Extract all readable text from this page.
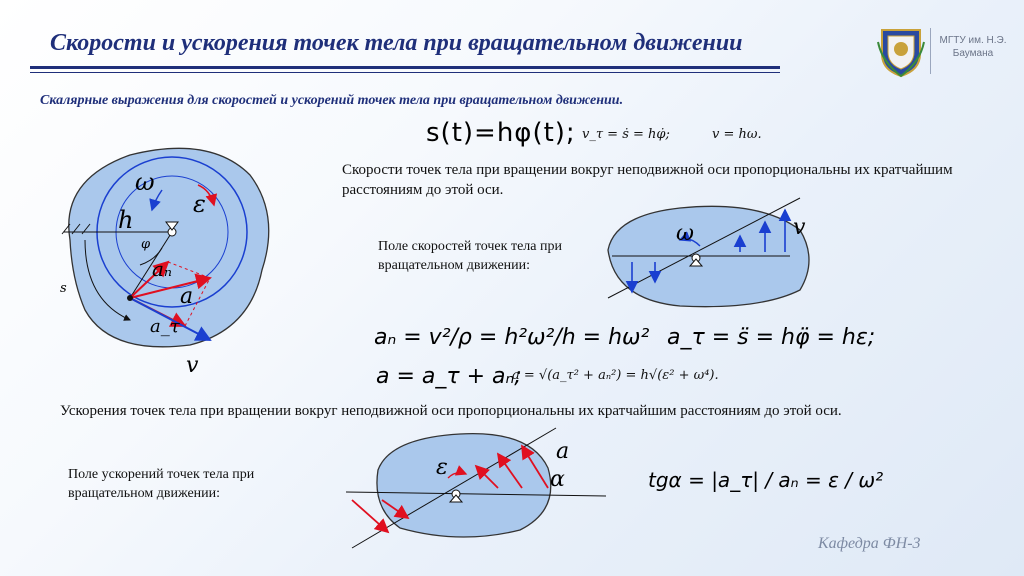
Скорости и ускорения точек тела при вращательном движении	МГТУ им. Н.Э. Баумана
Скалярные выражения для скоростей и ускорений точек тела при вращательном движении.
s(t)=hφ(t); v_τ = ṡ = hφ̇;	v = hω.
Скорости точек тела при вращении вокруг неподвижной оси пропорциональны их кратчайшим расстояниям до этой оси.
Поле скоростей точек тела при вращательном движении:
aₙ = v²/ρ = h²ω²/h = hω² a_τ = s̈ = hφ̈ = hε;
a = a_τ + aₙ;
a = √(a_τ² + aₙ²) = h√(ε² + ω⁴).
Ускорения точек тела при вращении вокруг неподвижной оси пропорциональны их кратчайшим расстояниям до этой оси.
Поле ускорений точек тела при вращательном движении:
tgα = |a_τ| / aₙ = ε / ω²
ω
ε
h
φ
s
aₙ
a
a_τ
v
ω	v
ε
a
α
Кафедра ФН-3
